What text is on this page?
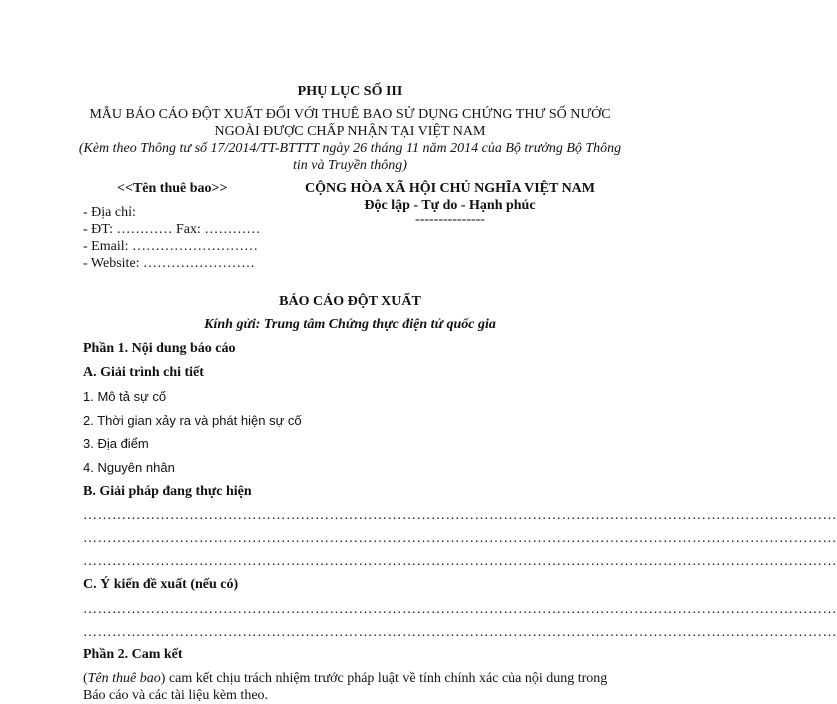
PHỤ LỤC SỐ III
MẪU BÁO CÁO ĐỘT XUẤT ĐỐI VỚI THUÊ BAO SỬ DỤNG CHỨNG THƯ SỐ NƯỚC
NGOÀI ĐƯỢC CHẤP NHẬN TẠI VIỆT NAM
(Kèm theo Thông tư số 17/2014/TT-BTTTT ngày 26 tháng 11 năm 2014 của Bộ trưởng Bộ Thông
tin và Truyền thông)
<<Tên thuê bao>>
- Địa chỉ:
- ĐT: ………… Fax: …………
- Email: ………………………
- Website: ……………………
CỘNG HÒA XÃ HỘI CHỦ NGHĨA VIỆT NAM
Độc lập - Tự do - Hạnh phúc
---------------
BÁO CÁO ĐỘT XUẤT
Kính gửi: Trung tâm Chứng thực điện tử quốc gia
Phần 1. Nội dung báo cáo
A. Giải trình chi tiết
1. Mô tả sự cố
2. Thời gian xảy ra và phát hiện sự cố
3. Địa điểm
4. Nguyên nhân
B. Giải pháp đang thực hiện
…………………………………………………………………………………………………………………………………………
…………………………………………………………………………………………………………………………………………
…………………………………………………………………………………………………………………………………………
C. Ý kiến đề xuất (nếu có)
…………………………………………………………………………………………………………………………………………
…………………………………………………………………………………………………………………………………………
Phần 2. Cam kết
(Tên thuê bao) cam kết chịu trách nhiệm trước pháp luật về tính chính xác của nội dung trong
Báo cáo và các tài liệu kèm theo.
